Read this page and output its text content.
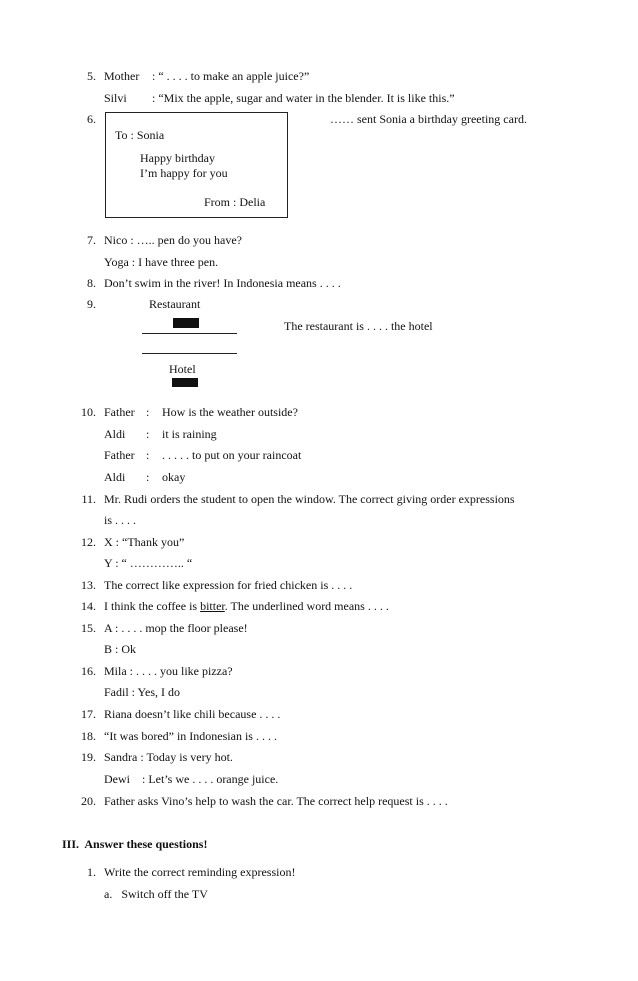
5. Mother : “ . . . . to make an apple juice?”
Silvi : “Mix the apple, sugar and water in the blender. It is like this.”
6.
To : Sonia
Happy birthday
I’m happy for you
From : Delia
…… sent Sonia a birthday greeting card.
7. Nico : ….. pen do you have?
Yoga : I have three pen.
8. Don’t swim in the river! In Indonesia means . . . .
9.	Restaurant
The restaurant is . . . . the hotel
Hotel
10. Father : How is the weather outside?
Aldi : it is raining
Father : . . . . . to put on your raincoat
Aldi : okay
11. Mr. Rudi orders the student to open the window. The correct giving order expressions
is . . . .
12. X : “Thank you”
Y : “ ………….. “
13. The correct like expression for fried chicken is . . . .
14. I think the coffee is bitter. The underlined word means . . . .
15. A : . . . . mop the floor please!
B : Ok
16. Mila : . . . . you like pizza?
Fadil : Yes, I do
17. Riana doesn’t like chili because . . . .
18. “It was bored” in Indonesian is . . . .
19. Sandra : Today is very hot.
Dewi    : Let’s we . . . . orange juice.
20. Father asks Vino’s help to wash the car. The correct help request is . . . .
III.  Answer these questions!
1. Write the correct reminding expression!
a.   Switch off the TV
